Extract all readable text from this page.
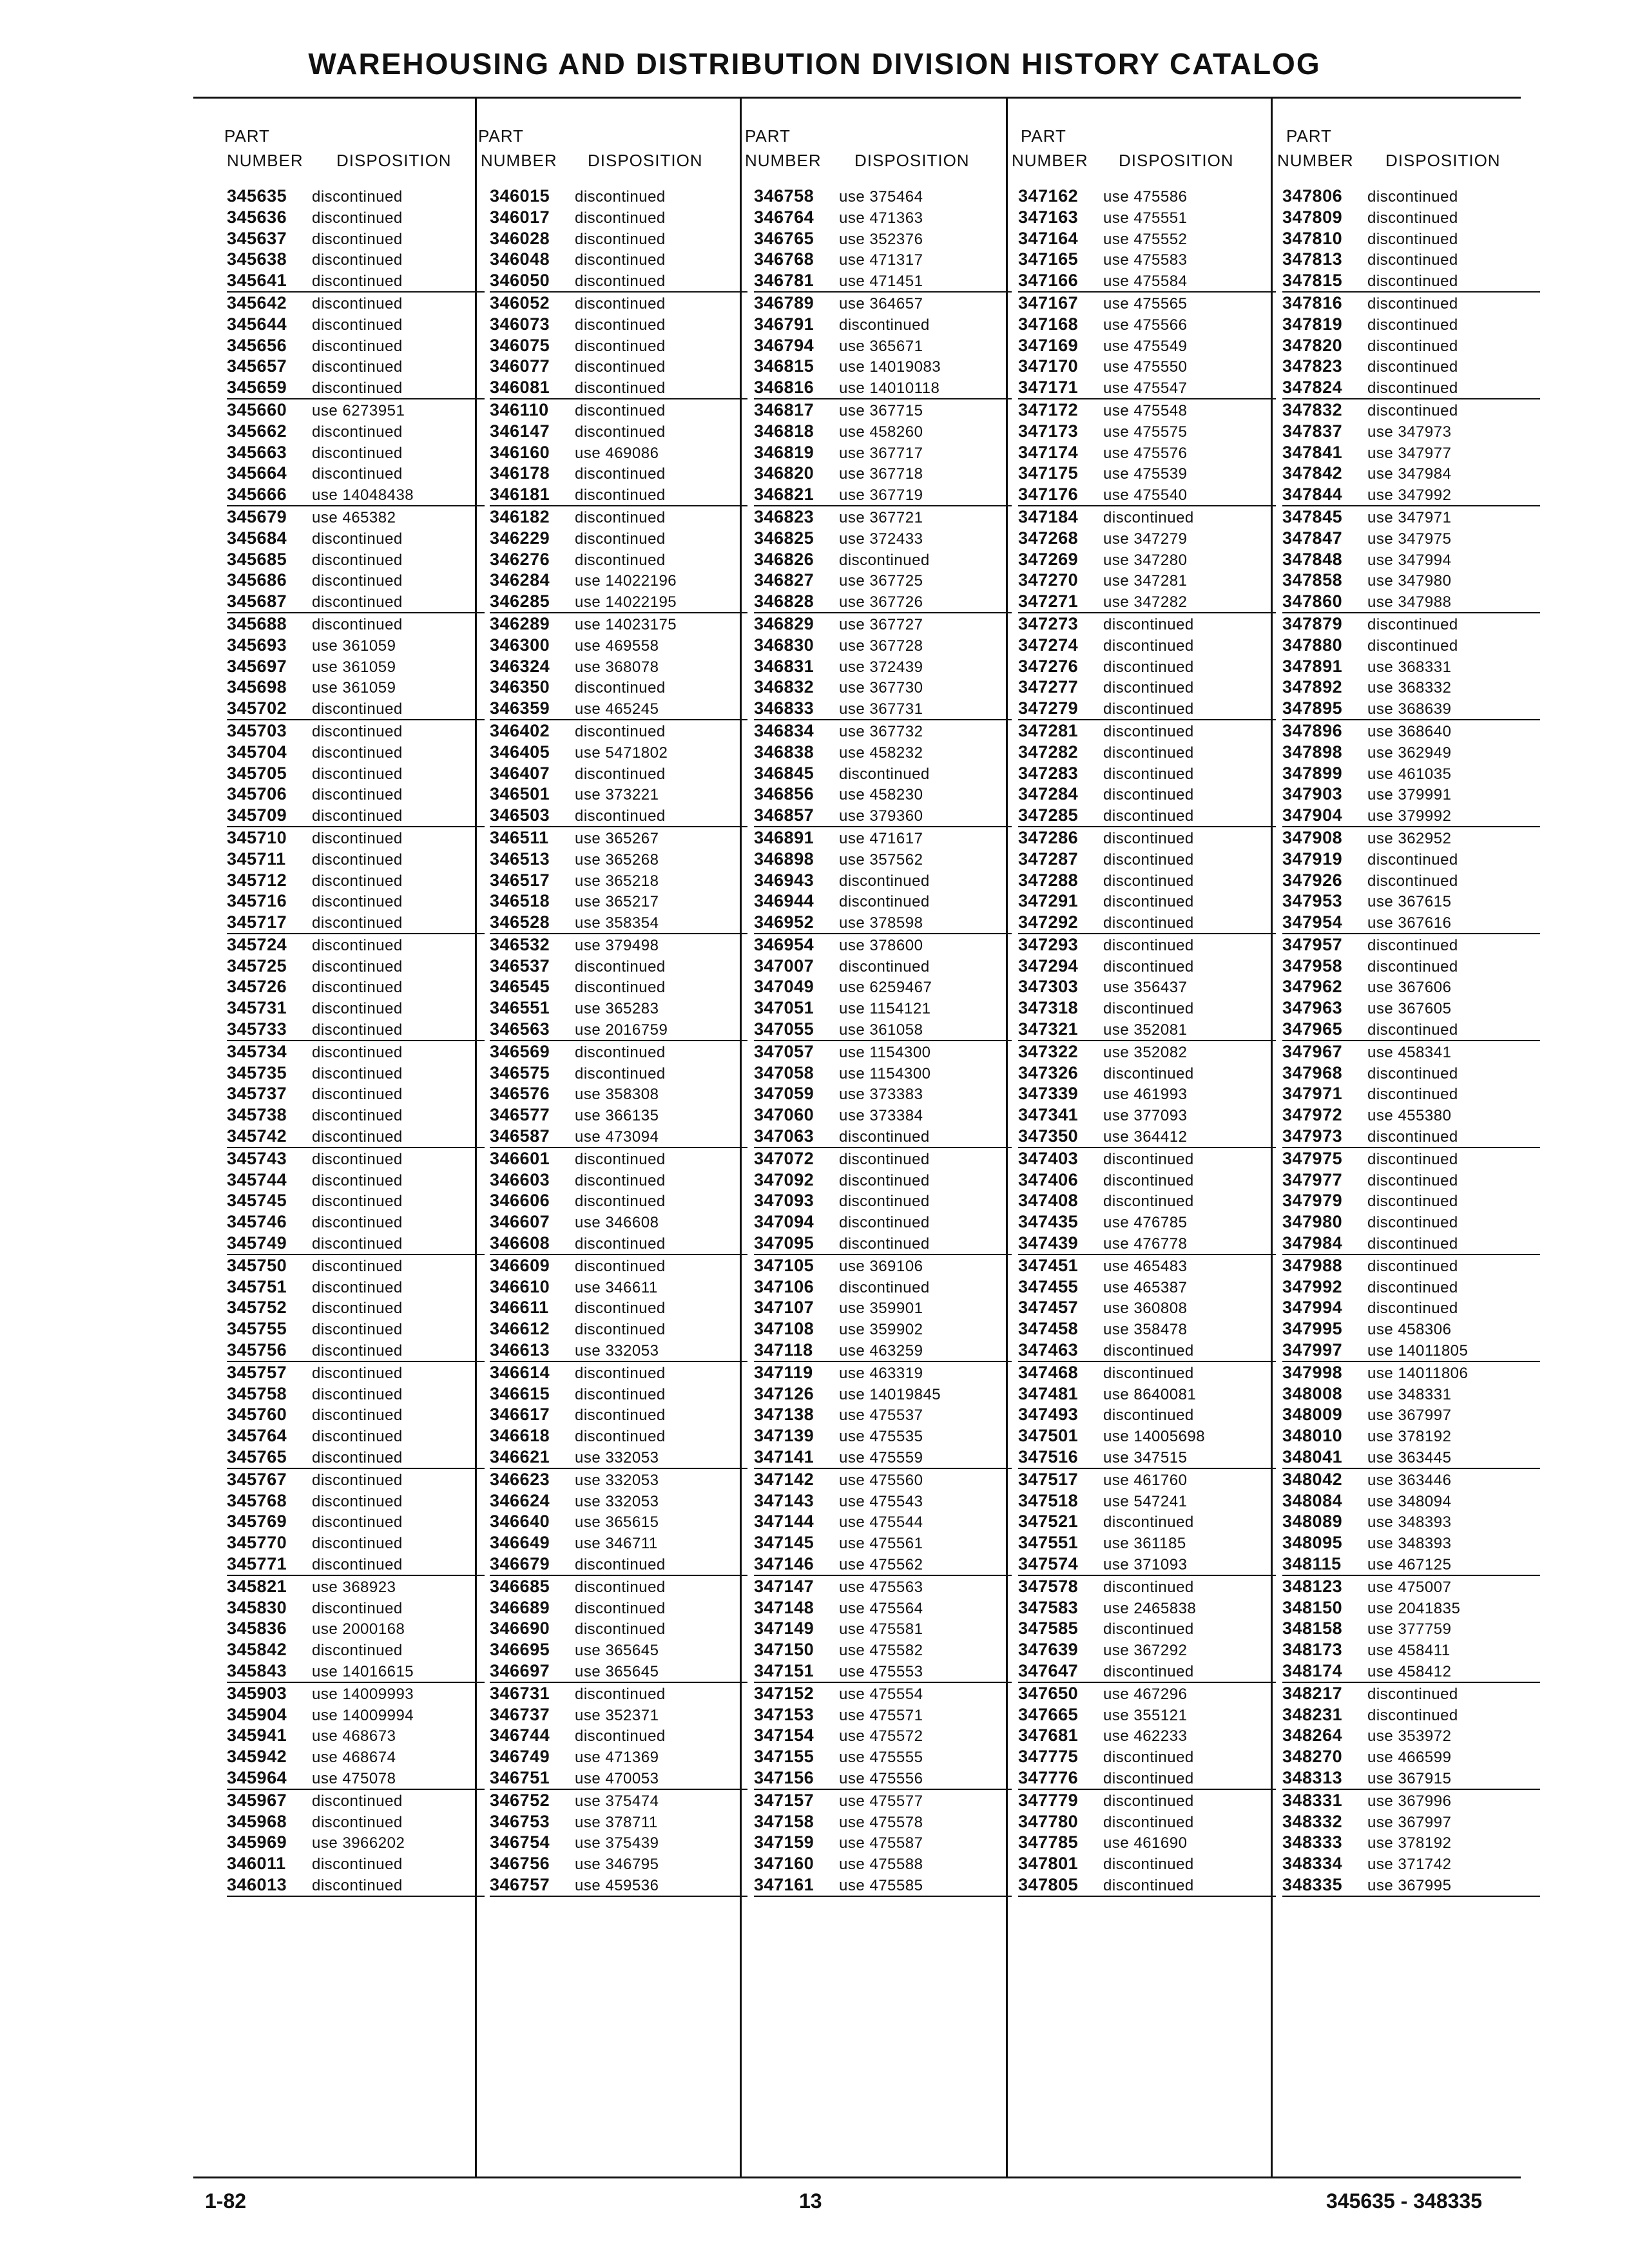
WAREHOUSING AND DISTRIBUTION DIVISION HISTORY CATALOG
PART
NUMBER DISPOSITION
PART
NUMBER DISPOSITION
PART
NUMBER DISPOSITION
PART
NUMBER DISPOSITION
PART
NUMBER DISPOSITION
345635 discontinued
345636 discontinued
345637 discontinued
345638 discontinued
345641 discontinued
345642 discontinued
345644 discontinued
345656 discontinued
345657 discontinued
345659 discontinued
345660 use 6273951
345662 discontinued
345663 discontinued
345664 discontinued
345666 use 14048438
345679 use 465382
345684 discontinued
345685 discontinued
345686 discontinued
345687 discontinued
345688 discontinued
345693 use 361059
345697 use 361059
345698 use 361059
345702 discontinued
345703 discontinued
345704 discontinued
345705 discontinued
345706 discontinued
345709 discontinued
345710 discontinued
345711 discontinued
345712 discontinued
345716 discontinued
345717 discontinued
345724 discontinued
345725 discontinued
345726 discontinued
345731 discontinued
345733 discontinued
345734 discontinued
345735 discontinued
345737 discontinued
345738 discontinued
345742 discontinued
345743 discontinued
345744 discontinued
345745 discontinued
345746 discontinued
345749 discontinued
345750 discontinued
345751 discontinued
345752 discontinued
345755 discontinued
345756 discontinued
345757 discontinued
345758 discontinued
345760 discontinued
345764 discontinued
345765 discontinued
345767 discontinued
345768 discontinued
345769 discontinued
345770 discontinued
345771 discontinued
345821 use 368923
345830 discontinued
345836 use 2000168
345842 discontinued
345843 use 14016615
345903 use 14009993
345904 use 14009994
345941 use 468673
345942 use 468674
345964 use 475078
345967 discontinued
345968 discontinued
345969 use 3966202
346011 discontinued
346013 discontinued
346015 discontinued
346017 discontinued
346028 discontinued
346048 discontinued
346050 discontinued
346052 discontinued
346073 discontinued
346075 discontinued
346077 discontinued
346081 discontinued
346110 discontinued
346147 discontinued
346160 use 469086
346178 discontinued
346181 discontinued
346182 discontinued
346229 discontinued
346276 discontinued
346284 use 14022196
346285 use 14022195
346289 use 14023175
346300 use 469558
346324 use 368078
346350 discontinued
346359 use 465245
346402 discontinued
346405 use 5471802
346407 discontinued
346501 use 373221
346503 discontinued
346511 use 365267
346513 use 365268
346517 use 365218
346518 use 365217
346528 use 358354
346532 use 379498
346537 discontinued
346545 discontinued
346551 use 365283
346563 use 2016759
346569 discontinued
346575 discontinued
346576 use 358308
346577 use 366135
346587 use 473094
346601 discontinued
346603 discontinued
346606 discontinued
346607 use 346608
346608 discontinued
346609 discontinued
346610 use 346611
346611 discontinued
346612 discontinued
346613 use 332053
346614 discontinued
346615 discontinued
346617 discontinued
346618 discontinued
346621 use 332053
346623 use 332053
346624 use 332053
346640 use 365615
346649 use 346711
346679 discontinued
346685 discontinued
346689 discontinued
346690 discontinued
346695 use 365645
346697 use 365645
346731 discontinued
346737 use 352371
346744 discontinued
346749 use 471369
346751 use 470053
346752 use 375474
346753 use 378711
346754 use 375439
346756 use 346795
346757 use 459536
346758 use 375464
346764 use 471363
346765 use 352376
346768 use 471317
346781 use 471451
346789 use 364657
346791 discontinued
346794 use 365671
346815 use 14019083
346816 use 14010118
346817 use 367715
346818 use 458260
346819 use 367717
346820 use 367718
346821 use 367719
346823 use 367721
346825 use 372433
346826 discontinued
346827 use 367725
346828 use 367726
346829 use 367727
346830 use 367728
346831 use 372439
346832 use 367730
346833 use 367731
346834 use 367732
346838 use 458232
346845 discontinued
346856 use 458230
346857 use 379360
346891 use 471617
346898 use 357562
346943 discontinued
346944 discontinued
346952 use 378598
346954 use 378600
347007 discontinued
347049 use 6259467
347051 use 1154121
347055 use 361058
347057 use 1154300
347058 use 1154300
347059 use 373383
347060 use 373384
347063 discontinued
347072 discontinued
347092 discontinued
347093 discontinued
347094 discontinued
347095 discontinued
347105 use 369106
347106 discontinued
347107 use 359901
347108 use 359902
347118 use 463259
347119 use 463319
347126 use 14019845
347138 use 475537
347139 use 475535
347141 use 475559
347142 use 475560
347143 use 475543
347144 use 475544
347145 use 475561
347146 use 475562
347147 use 475563
347148 use 475564
347149 use 475581
347150 use 475582
347151 use 475553
347152 use 475554
347153 use 475571
347154 use 475572
347155 use 475555
347156 use 475556
347157 use 475577
347158 use 475578
347159 use 475587
347160 use 475588
347161 use 475585
347162 use 475586
347163 use 475551
347164 use 475552
347165 use 475583
347166 use 475584
347167 use 475565
347168 use 475566
347169 use 475549
347170 use 475550
347171 use 475547
347172 use 475548
347173 use 475575
347174 use 475576
347175 use 475539
347176 use 475540
347184 discontinued
347268 use 347279
347269 use 347280
347270 use 347281
347271 use 347282
347273 discontinued
347274 discontinued
347276 discontinued
347277 discontinued
347279 discontinued
347281 discontinued
347282 discontinued
347283 discontinued
347284 discontinued
347285 discontinued
347286 discontinued
347287 discontinued
347288 discontinued
347291 discontinued
347292 discontinued
347293 discontinued
347294 discontinued
347303 use 356437
347318 discontinued
347321 use 352081
347322 use 352082
347326 discontinued
347339 use 461993
347341 use 377093
347350 use 364412
347403 discontinued
347406 discontinued
347408 discontinued
347435 use 476785
347439 use 476778
347451 use 465483
347455 use 465387
347457 use 360808
347458 use 358478
347463 discontinued
347468 discontinued
347481 use 8640081
347493 discontinued
347501 use 14005698
347516 use 347515
347517 use 461760
347518 use 547241
347521 discontinued
347551 use 361185
347574 use 371093
347578 discontinued
347583 use 2465838
347585 discontinued
347639 use 367292
347647 discontinued
347650 use 467296
347665 use 355121
347681 use 462233
347775 discontinued
347776 discontinued
347779 discontinued
347780 discontinued
347785 use 461690
347801 discontinued
347805 discontinued
347806 discontinued
347809 discontinued
347810 discontinued
347813 discontinued
347815 discontinued
347816 discontinued
347819 discontinued
347820 discontinued
347823 discontinued
347824 discontinued
347832 discontinued
347837 use 347973
347841 use 347977
347842 use 347984
347844 use 347992
347845 use 347971
347847 use 347975
347848 use 347994
347858 use 347980
347860 use 347988
347879 discontinued
347880 discontinued
347891 use 368331
347892 use 368332
347895 use 368639
347896 use 368640
347898 use 362949
347899 use 461035
347903 use 379991
347904 use 379992
347908 use 362952
347919 discontinued
347926 discontinued
347953 use 367615
347954 use 367616
347957 discontinued
347958 discontinued
347962 use 367606
347963 use 367605
347965 discontinued
347967 use 458341
347968 discontinued
347971 discontinued
347972 use 455380
347973 discontinued
347975 discontinued
347977 discontinued
347979 discontinued
347980 discontinued
347984 discontinued
347988 discontinued
347992 discontinued
347994 discontinued
347995 use 458306
347997 use 14011805
347998 use 14011806
348008 use 348331
348009 use 367997
348010 use 378192
348041 use 363445
348042 use 363446
348084 use 348094
348089 use 348393
348095 use 348393
348115 use 467125
348123 use 475007
348150 use 2041835
348158 use 377759
348173 use 458411
348174 use 458412
348217 discontinued
348231 discontinued
348264 use 353972
348270 use 466599
348313 use 367915
348331 use 367996
348332 use 367997
348333 use 378192
348334 use 371742
348335 use 367995
1-82	13	345635 - 348335
